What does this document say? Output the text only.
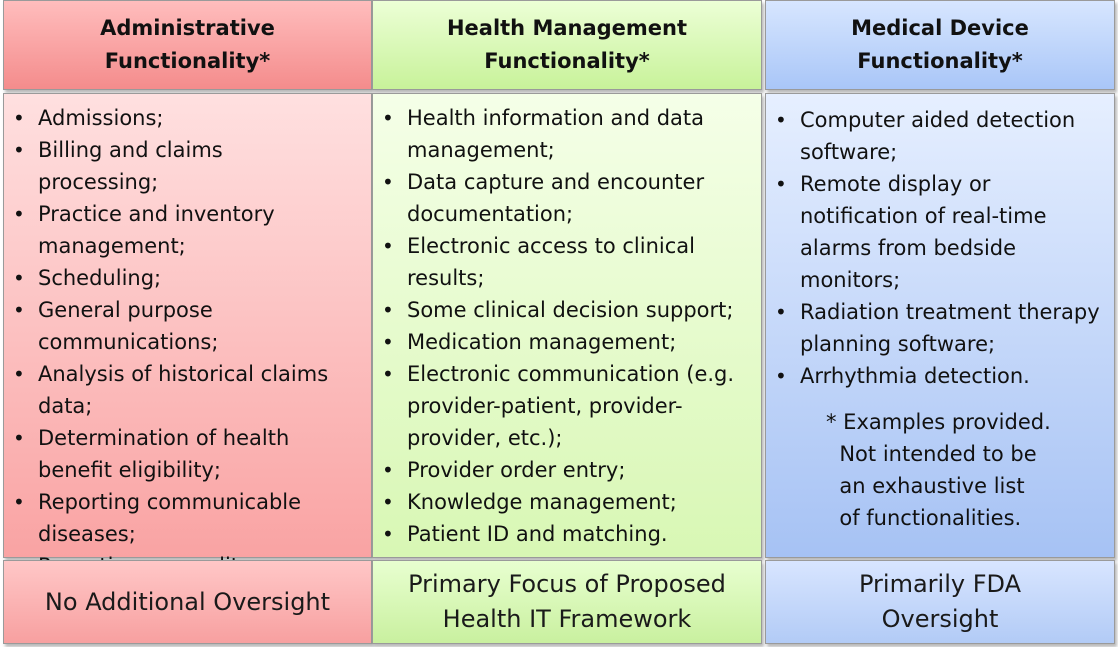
Administrative
Functionality*
• Admissions;
• Billing and claims processing;
• Practice and inventory management;
• Scheduling;
• General purpose communications;
• Analysis of historical claims data;
• Determination of health benefit eligibility;
• Reporting communicable diseases;
•
No Additional Oversight
Health Management
Functionality*
• Health information and data management;
• Data capture and encounter documentation;
• Electronic access to clinical results;
• Some clinical decision support;
• Medication management;
• Electronic communication (e.g. provider-patient, provider-provider, etc.);
• Provider order entry;
• Knowledge management;
• Patient ID and matching.
Primary Focus of Proposed
Health IT Framework
Medical Device
Functionality*
• Computer aided detection software;
• Remote display or notification of real-time alarms from bedside monitors;
• Radiation treatment therapy planning software;
• Arrhythmia detection.
* Examples provided.
Not intended to be
an exhaustive list
of functionalities.
Primarily FDA
Oversight
